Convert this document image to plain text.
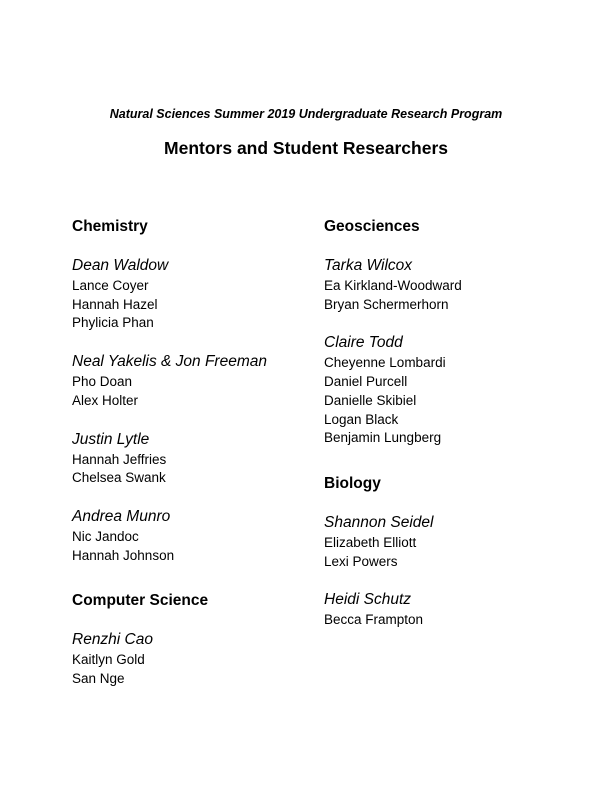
Natural Sciences Summer 2019 Undergraduate Research Program
Mentors and Student Researchers
Chemistry
Dean Waldow
Lance Coyer
Hannah Hazel
Phylicia Phan
Neal Yakelis & Jon Freeman
Pho Doan
Alex Holter
Justin Lytle
Hannah Jeffries
Chelsea Swank
Andrea Munro
Nic Jandoc
Hannah Johnson
Computer Science
Renzhi Cao
Kaitlyn Gold
San Nge
Geosciences
Tarka Wilcox
Ea Kirkland-Woodward
Bryan Schermerhorn
Claire Todd
Cheyenne Lombardi
Daniel Purcell
Danielle Skibiel
Logan Black
Benjamin Lungberg
Biology
Shannon Seidel
Elizabeth Elliott
Lexi Powers
Heidi Schutz
Becca Frampton
